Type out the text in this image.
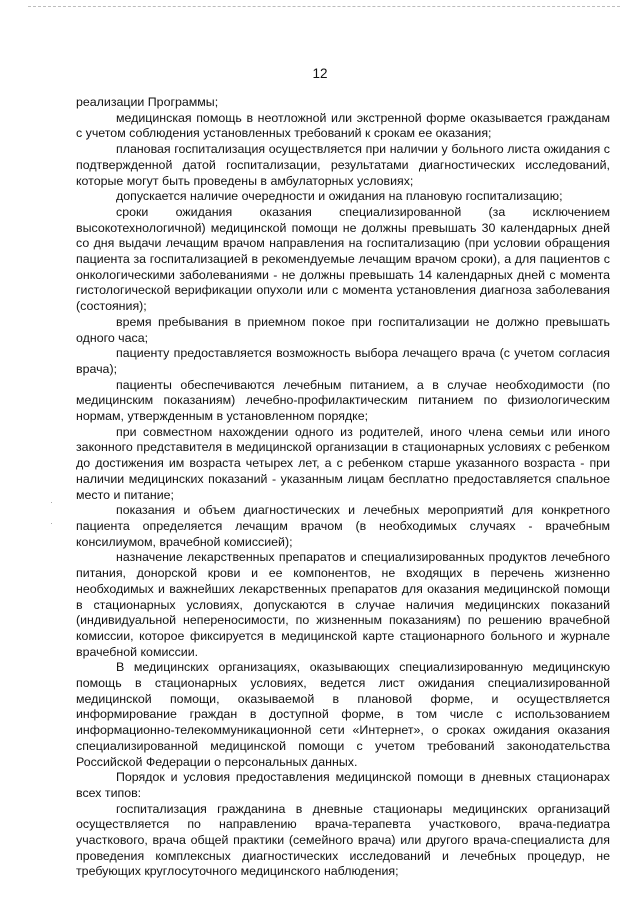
12
·
·

реализации Программы;

медицинская помощь в неотложной или экстренной форме оказывается гражданам с учетом соблюдения установленных требований к срокам ее оказания;

плановая госпитализация осуществляется при наличии у больного листа ожидания с подтвержденной датой госпитализации, результатами диагностических исследований, которые могут быть проведены в амбулаторных условиях;

допускается наличие очередности и ожидания на плановую госпитализацию;

сроки ожидания оказания специализированной (за исключением высокотехнологичной) медицинской помощи не должны превышать 30 календарных дней со дня выдачи лечащим врачом направления на госпитализацию (при условии обращения пациента за госпитализацией в рекомендуемые лечащим врачом сроки), а для пациентов с онкологическими заболеваниями - не должны превышать 14 календарных дней с момента гистологической верификации опухоли или с момента установления диагноза заболевания (состояния);

время пребывания в приемном покое при госпитализации не должно превышать одного часа;

пациенту предоставляется возможность выбора лечащего врача (с учетом согласия врача);

пациенты обеспечиваются лечебным питанием, а в случае необходимости (по медицинским показаниям) лечебно-профилактическим питанием по физиологическим нормам, утвержденным в установленном порядке;

при совместном нахождении одного из родителей, иного члена семьи или иного законного представителя в медицинской организации в стационарных условиях с ребенком до достижения им возраста четырех лет, а с ребенком старше указанного возраста - при наличии медицинских показаний - указанным лицам бесплатно предоставляется спальное место и питание;

показания и объем диагностических и лечебных мероприятий для конкретного пациента определяется лечащим врачом (в необходимых случаях - врачебным консилиумом, врачебной комиссией);

назначение лекарственных препаратов и специализированных продуктов лечебного питания, донорской крови и ее компонентов, не входящих в перечень жизненно необходимых и важнейших лекарственных препаратов для оказания медицинской помощи в стационарных условиях, допускаются в случае наличия медицинских показаний (индивидуальной непереносимости, по жизненным показаниям) по решению врачебной комиссии, которое фиксируется в медицинской карте стационарного больного и журнале врачебной комиссии.

В медицинских организациях, оказывающих специализированную медицинскую помощь в стационарных условиях, ведется лист ожидания специализированной медицинской помощи, оказываемой в плановой форме, и осуществляется информирование граждан в доступной форме, в том числе с использованием информационно-телекоммуникационной сети «Интернет», о сроках ожидания оказания специализированной медицинской помощи с учетом требований законодательства Российской Федерации о персональных данных.

Порядок и условия предоставления медицинской помощи в дневных стационарах всех типов:

госпитализация гражданина в дневные стационары медицинских организаций осуществляется по направлению врача-терапевта участкового, врача-педиатра участкового, врача общей практики (семейного врача) или другого врача-специалиста для проведения комплексных диагностических исследований и лечебных процедур, не требующих круглосуточного медицинского наблюдения;
